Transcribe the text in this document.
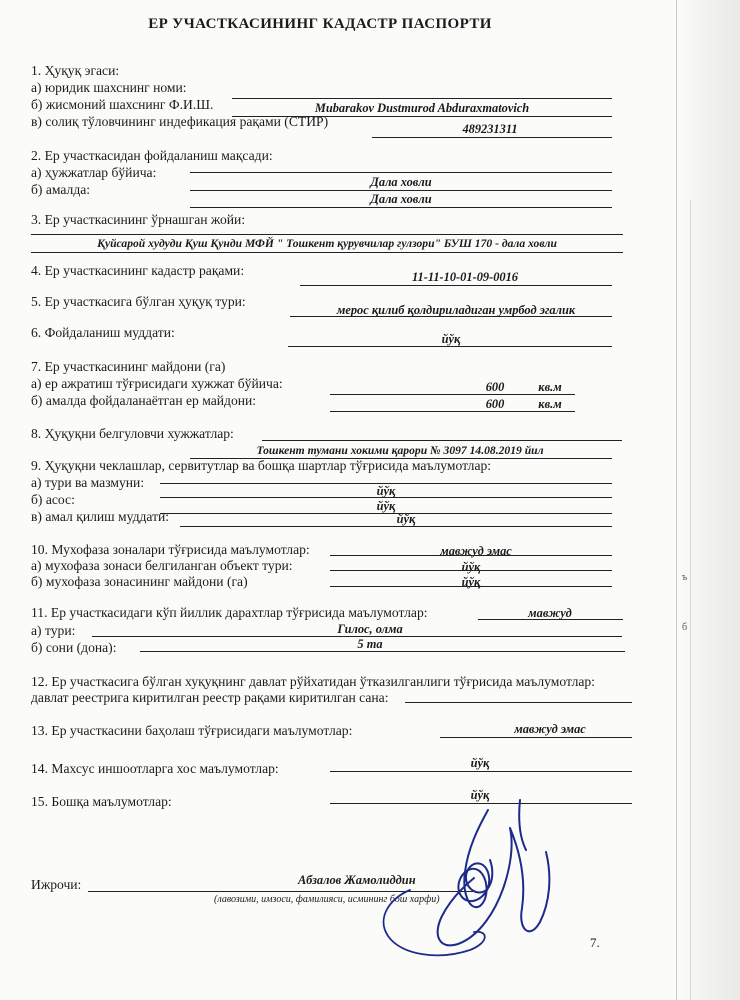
ъ
б
ЕР УЧАСТКАСИНИНГ КАДАСТР ПАСПОРТИ
1. Ҳуқуқ эгаси:
а) юридик шахснинг номи:
б) жисмоний шахснинг Ф.И.Ш.	Mubarakov Dustmurod Abduraxmatovich
в) солиқ тўловчининг индефикация рақами (СТИР)	489231311
2. Ер участкасидан фойдаланиш мақсади:
а) ҳужжатлар бўйича:
Дала ховли
б) амалда:
Дала ховли
3. Ер участкасининг ўрнашган жойи:
Қуйсарой худуди Қуш Қунди МФЙ " Тошкент қурувчилар гулзори" БУШ 170 - дала ховли
4. Ер участкасининг кадастр рақами:	11-11-10-01-09-0016
5. Ер участкасига бўлган ҳуқуқ тури:
мерос қилиб қолдириладиган умрбод эгалик
6. Фойдаланиш муддати:	йўқ
7. Ер участкасининг майдони (га)
а) ер ажратиш тўғрисидаги хужжат бўйича:	600	кв.м
б) амалда фойдаланаётган ер майдони:	600	кв.м
8. Ҳуқуқни белгуловчи хужжатлар:
Тошкент тумани хокими қарори № 3097 14.08.2019 йил
9. Ҳуқуқни чеклашлар, сервитутлар ва бошқа шартлар тўғрисида маълумотлар:
а) тури ва мазмуни:
йўқ
б) асос:	йўқ
в) амал қилиш муддати:	йўқ
10. Мухофаза зоналари тўғрисида маълумотлар:	мавжуд эмас
а) мухофаза зонаси белгиланган объект тури:	йўқ
б) мухофаза зонасининг майдони (га)	йўқ
11. Ер участкасидаги кўп йиллик дарахтлар тўғрисида маълумотлар:	мавжуд
а) тури:	Гилос, олма
б) сони (дона):	5 та
12. Ер участкасига бўлган хуқуқнинг давлат рўйхатидан ўтказилганлиги тўғрисида маълумотлар:
давлат реестрига киритилган реестр рақами киритилган сана:
13. Ер участкасини баҳолаш тўғрисидаги маълумотлар:	мавжуд эмас
14. Махсус иншоотларга хос маълумотлар:	йўқ
15. Бошқа маълумотлар:	йўқ
Ижрочи:	Абзалов Жамолиддин
(лавозими, имзоси, фамилияси, исмининг бош харфи)
7.
